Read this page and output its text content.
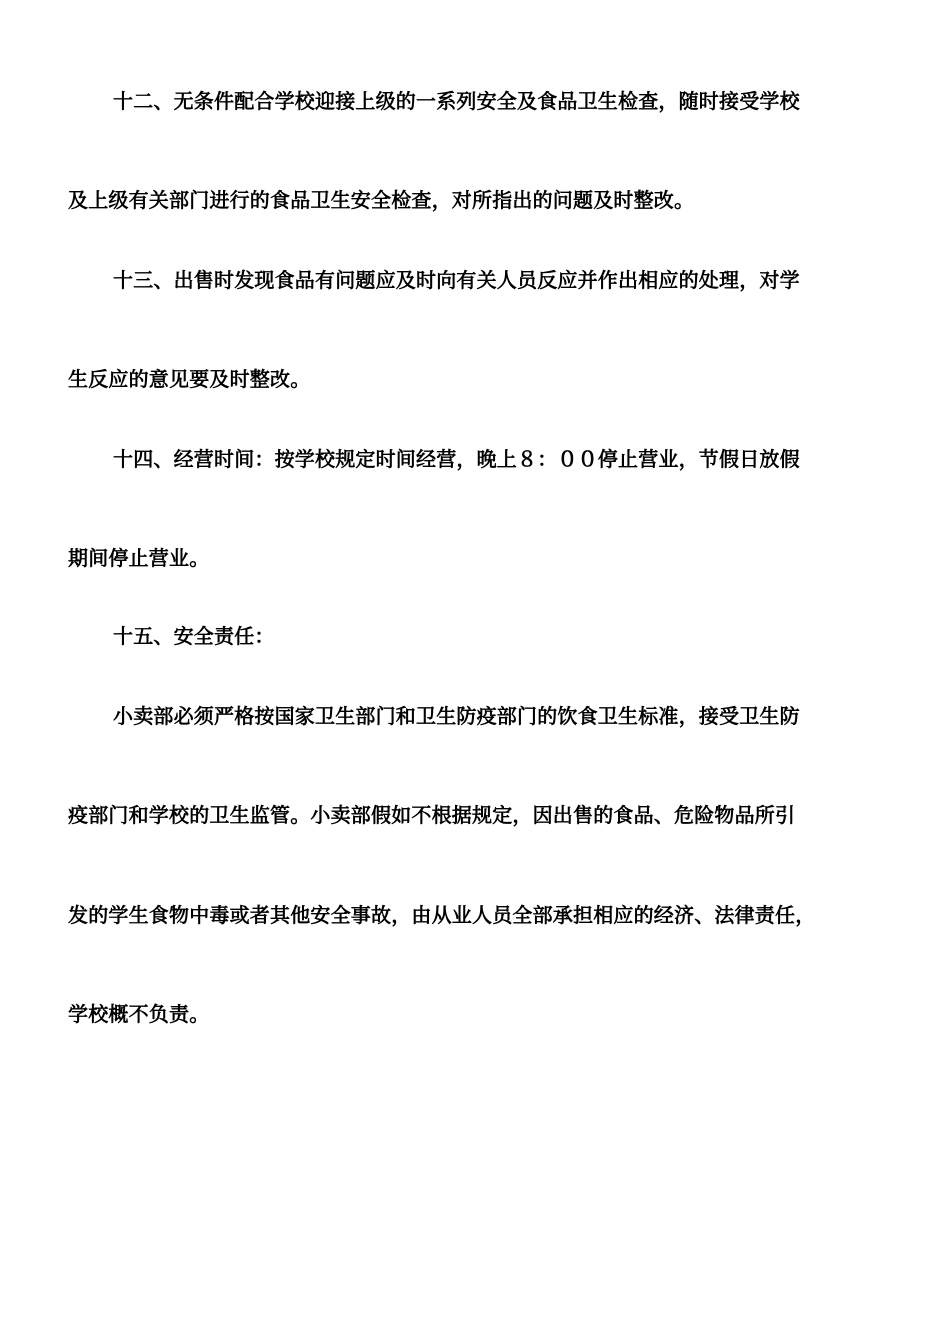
十二、无条件配合学校迎接上级的一系列安全及食品卫生检查，随时接受学校
及上级有关部门进行的食品卫生安全检查，对所指出的问题及时整改。
十三、出售时发现食品有问题应及时向有关人员反应并作出相应的处理，对学
生反应的意见要及时整改。
十四、经营时间：按学校规定时间经营，晚上８：００停止营业，节假日放假
期间停止营业。
十五、安全责任：
小卖部必须严格按国家卫生部门和卫生防疫部门的饮食卫生标准，接受卫生防
疫部门和学校的卫生监管。小卖部假如不根据规定，因出售的食品、危险物品所引
发的学生食物中毒或者其他安全事故，由从业人员全部承担相应的经济、法律责任，
学校概不负责。
